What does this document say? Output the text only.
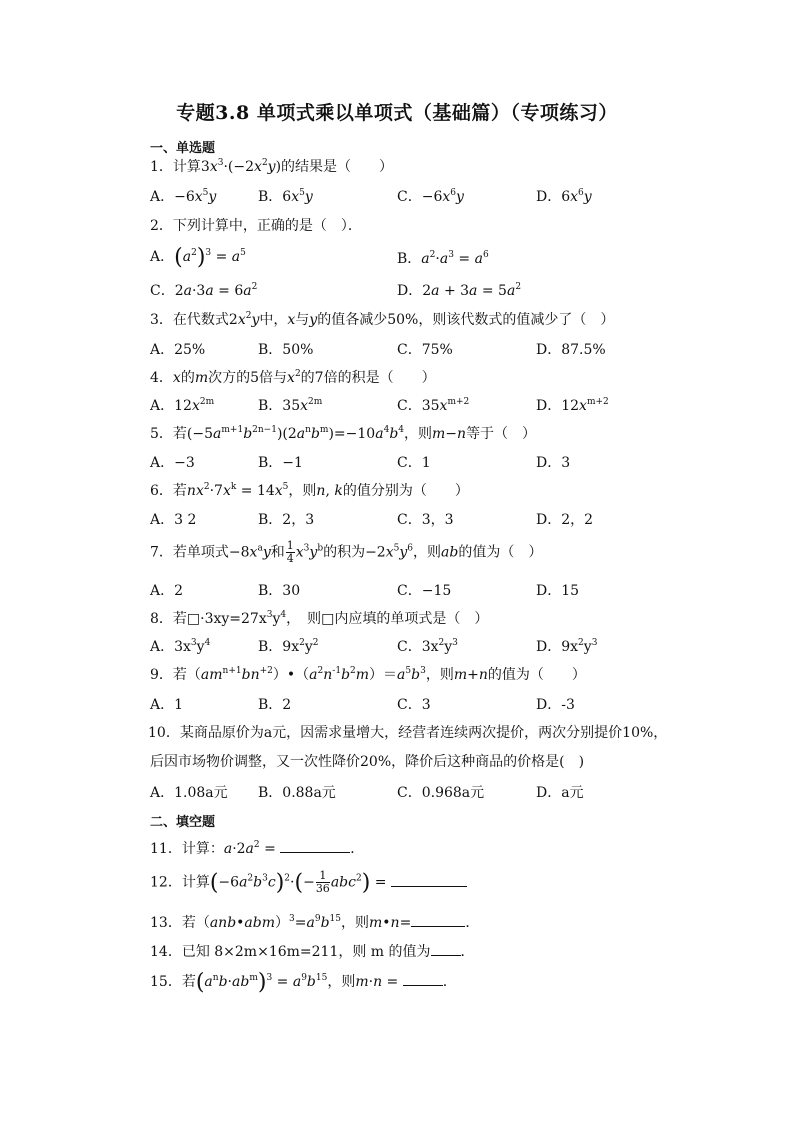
专题3.8 单项式乘以单项式（基础篇）（专项练习）
一、单选题
1．计算$3x^3\cdot(-2x^2y)$的结果是（　　）
A．$-6x^5y$	B．$6x^5y$	C．$-6x^6y$	D．$6x^6y$
2．下列计算中，正确的是（　）．
A．$(a^2)^3 = a^5$	B．$a^2\cdot a^3 = a^6$
C．$2a\cdot 3a = 6a^2$	D．$2a + 3a = 5a^2$
3．在代数式$2x^2y$中，x与y的值各减少50%，则该代数式的值减少了（　）
A．25%	B．50%	C．75%	D．87.5%
4．x的m次方的5倍与$x^2$的7倍的积是（　　）
A．$12x^{2m}$	B．$35x^{2m}$	C．$35x^{m+2}$	D．$12x^{m+2}$
5．若$(-5a^{m+1}b^{2n-1})(2a^nb^m)=-10a^4b^4$，则m−n等于（　）
A．−3	B．−1	C．1	D．3
6．若$nx^2\cdot 7x^k = 14x^5$，则n, k的值分别为（　　）
A．3 2	B．2，3	C．3，3	D．2，2
7．若单项式$-8x^ay$和 $\frac{1}{4} x^3y^b$的积为$-2x^5y^6$，则ab的值为（　）
A．2	B．30	C．−15	D．15
8．若$□\cdot 3xy=27x^3y^4$，　则□内应填的单项式是（　）
A．$3x^3y^4$	B．$9x^2y^2$	C．$3x^2y^3$	D．$9x^2y^3$
9．若$(am^{n+1}bn^{+2})•(a^2n^{-1}b^2m)=a^5b^3$，则m+n的值为（　　）
A．1	B．2	C．3	D．-3
10．某商品原价为a元，因需求量增大，经营者连续两次提价，两次分别提价10%，后因市场物价调整，又一次性降价20%，降价后这种商品的价格是(　)
A．1.08a元 B．0.88a元	C．0.968a元	D．a元
二、填空题
11．计算：$a\cdot 2a^2$ =	．
12．计算$(-6a^2b^3c)^2\cdot(- \frac{1}{36} abc^2)$ =
13．若$(anb•abm)^3=a^9b^{15}$，则m•n=	．
14．已知 8×2m×16m=211，则 m 的值为 ．
15．若$(a^nb\cdot ab^m)^3 = a^9b^{15}$，则m·n =	.
